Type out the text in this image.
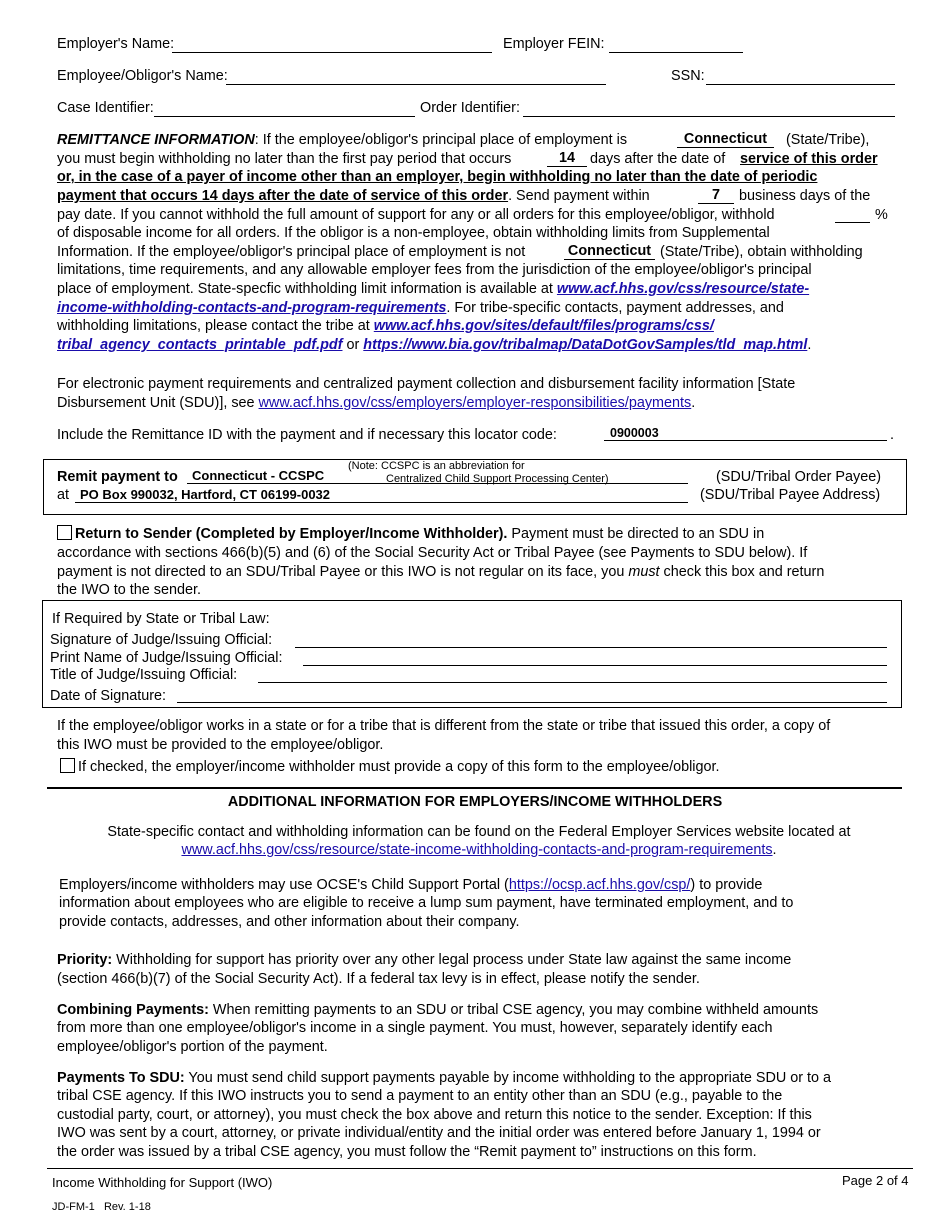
Employer's Name:	Employer FEIN:
Employee/Obligor's Name:	SSN:
Case Identifier:	Order Identifier:
REMITTANCE INFORMATION: If the employee/obligor's principal place of employment is	Connecticut	(State/Tribe),
you must begin withholding no later than the first pay period that occurs	14	days after the date of service of this order
or, in the case of a payer of income other than an employer, begin withholding no later than the date of periodic
payment that occurs 14 days after the date of service of this order. Send payment within	7	business days of the
pay date. If you cannot withhold the full amount of support for any or all orders for this employee/obligor, withhold	%
of disposable income for all orders. If the obligor is a non-employee, obtain withholding limits from Supplemental
Information. If the employee/obligor's principal place of employment is not	Connecticut (State/Tribe), obtain withholding
limitations, time requirements, and any allowable employer fees from the jurisdiction of the employee/obligor's principal
place of employment. State-specfic withholding limit information is available at www.acf.hhs.gov/css/resource/state-
income-withholding-contacts-and-program-requirements. For tribe-specific contacts, payment addresses, and
withholding limitations, please contact the tribe at www.acf.hhs.gov/sites/default/files/programs/css/
tribal_agency_contacts_printable_pdf.pdf or https://www.bia.gov/tribalmap/DataDotGovSamples/tld_map.html.
For electronic payment requirements and centralized payment collection and disbursement facility information [State
Disbursement Unit (SDU)], see www.acf.hhs.gov/css/employers/employer-responsibilities/payments.
Include the Remittance ID with the payment and if necessary this locator code:	0900003	.
Remit payment to	Connecticut - CCSPC
(Note: CCSPC is an abbreviation for
Centralized Child Support Processing Center)	(SDU/Tribal Order Payee)
at PO Box 990032, Hartford, CT 06199-0032	(SDU/Tribal Payee Address)
Return to Sender (Completed by Employer/Income Withholder). Payment must be directed to an SDU in
accordance with sections 466(b)(5) and (6) of the Social Security Act or Tribal Payee (see Payments to SDU below). If
payment is not directed to an SDU/Tribal Payee or this IWO is not regular on its face, you must check this box and return
the IWO to the sender.
If Required by State or Tribal Law:
Signature of Judge/Issuing Official:
Print Name of Judge/Issuing Official:
Title of Judge/Issuing Official:
Date of Signature:
If the employee/obligor works in a state or for a tribe that is different from the state or tribe that issued this order, a copy of
this IWO must be provided to the employee/obligor.
If checked, the employer/income withholder must provide a copy of this form to the employee/obligor.
ADDITIONAL INFORMATION FOR EMPLOYERS/INCOME WITHHOLDERS
State-specific contact and withholding information can be found on the Federal Employer Services website located at
www.acf.hhs.gov/css/resource/state-income-withholding-contacts-and-program-requirements.
Employers/income withholders may use OCSE's Child Support Portal (https://ocsp.acf.hhs.gov/csp/) to provide
information about employees who are eligible to receive a lump sum payment, have terminated employment, and to
provide contacts, addresses, and other information about their company.
Priority: Withholding for support has priority over any other legal process under State law against the same income
(section 466(b)(7) of the Social Security Act). If a federal tax levy is in effect, please notify the sender.
Combining Payments: When remitting payments to an SDU or tribal CSE agency, you may combine withheld amounts
from more than one employee/obligor's income in a single payment. You must, however, separately identify each
employee/obligor's portion of the payment.
Payments To SDU: You must send child support payments payable by income withholding to the appropriate SDU or to a
tribal CSE agency. If this IWO instructs you to send a payment to an entity other than an SDU (e.g., payable to the
custodial party, court, or attorney), you must check the box above and return this notice to the sender. Exception: If this
IWO was sent by a court, attorney, or private individual/entity and the initial order was entered before January 1, 1994 or
the order was issued by a tribal CSE agency, you must follow the “Remit payment to” instructions on this form.
Income Withholding for Support (IWO)	Page 2 of 4
JD-FM-1   Rev. 1-18
